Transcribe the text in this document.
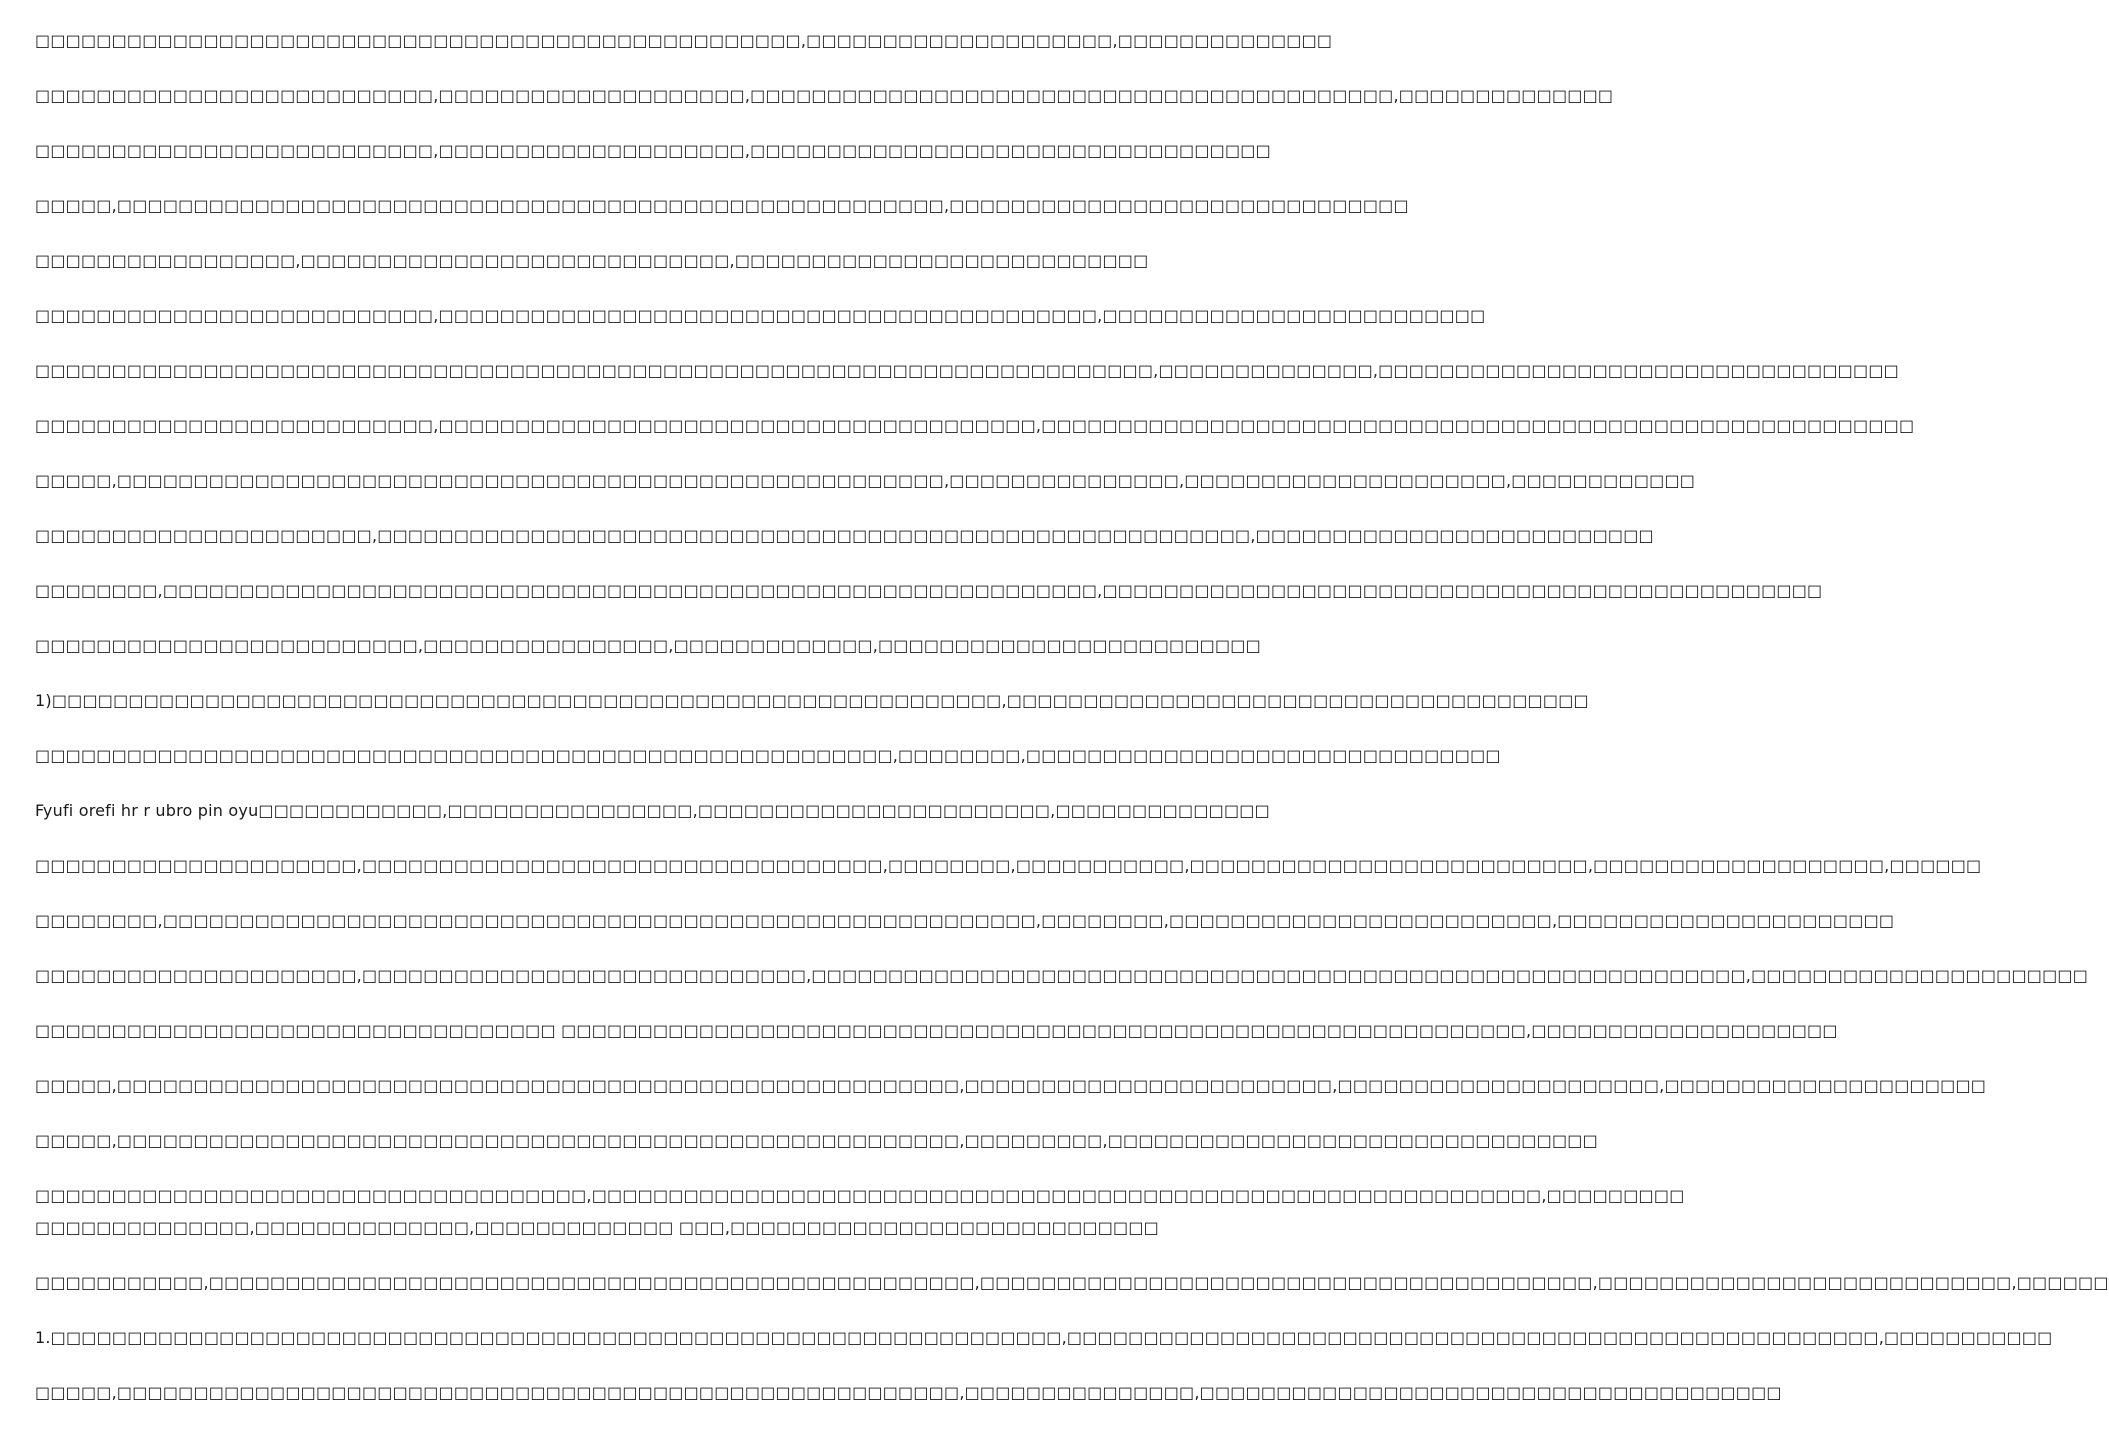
□□□□□□□□□□□□□□□□□□□□□□□□□□□□□□□□□□□□□□□□□□□□□□□□□□,□□□□□□□□□□□□□□□□□□□□,□□□□□□□□□□□□□□
□□□□□□□□□□□□□□□□□□□□□□□□□□,□□□□□□□□□□□□□□□□□□□□,□□□□□□□□□□□□□□□□□□□□□□□□□□□□□□□□□□□□□□□□□□,□□□□□□□□□□□□□□
□□□□□□□□□□□□□□□□□□□□□□□□□□,□□□□□□□□□□□□□□□□□□□□,□□□□□□□□□□□□□□□□□□□□□□□□□□□□□□□□□□
□□□□□,□□□□□□□□□□□□□□□□□□□□□□□□□□□□□□□□□□□□□□□□□□□□□□□□□□□□□□,□□□□□□□□□□□□□□□□□□□□□□□□□□□□□□
□□□□□□□□□□□□□□□□□,□□□□□□□□□□□□□□□□□□□□□□□□□□□□,□□□□□□□□□□□□□□□□□□□□□□□□□□□
□□□□□□□□□□□□□□□□□□□□□□□□□□,□□□□□□□□□□□□□□□□□□□□□□□□□□□□□□□□□□□□□□□□□□□,□□□□□□□□□□□□□□□□□□□□□□□□□
□□□□□□□□□□□□□□□□□□□□□□□□□□□□□□□□□□□□□□□□□□□□□□□□□□□□□□□□□□□□□□□□□□□□□□□□□,□□□□□□□□□□□□□□,□□□□□□□□□□□□□□□□□□□□□□□□□□□□□□□□□□
□□□□□□□□□□□□□□□□□□□□□□□□□□,□□□□□□□□□□□□□□□□□□□□□□□□□□□□□□□□□□□□□□□,□□□□□□□□□□□□□□□□□□□□□□□□□□□□□□□□□□□□□□□□□□□□□□□□□□□□□□□□□
□□□□□,□□□□□□□□□□□□□□□□□□□□□□□□□□□□□□□□□□□□□□□□□□□□□□□□□□□□□□,□□□□□□□□□□□□□□□,□□□□□□□□□□□□□□□□□□□□□,□□□□□□□□□□□□
□□□□□□□□□□□□□□□□□□□□□□,□□□□□□□□□□□□□□□□□□□□□□□□□□□□□□□□□□□□□□□□□□□□□□□□□□□□□□□□□,□□□□□□□□□□□□□□□□□□□□□□□□□□
□□□□□□□□,□□□□□□□□□□□□□□□□□□□□□□□□□□□□□□□□□□□□□□□□□□□□□□□□□□□□□□□□□□□□□,□□□□□□□□□□□□□□□□□□□□□□□□□□□□□□□□□□□□□□□□□□□□□□□
□□□□□□□□□□□□□□□□□□□□□□□□□,□□□□□□□□□□□□□□□□,□□□□□□□□□□□□□,□□□□□□□□□□□□□□□□□□□□□□□□□
1)□□□□□□□□□□□□□□□□□□□□□□□□□□□□□□□□□□□□□□□□□□□□□□□□□□□□□□□□□□□□□□,□□□□□□□□□□□□□□□□□□□□□□□□□□□□□□□□□□□□□□
□□□□□□□□□□□□□□□□□□□□□□□□□□□□□□□□□□□□□□□□□□□□□□□□□□□□□□□□,□□□□□□□□,□□□□□□□□□□□□□□□□□□□□□□□□□□□□□□□
Fyufi orefi hr r ubro pin oyu□□□□□□□□□□□□,□□□□□□□□□□□□□□□□,□□□□□□□□□□□□□□□□□□□□□□□,□□□□□□□□□□□□□□
□□□□□□□□□□□□□□□□□□□□□,□□□□□□□□□□□□□□□□□□□□□□□□□□□□□□□□□□,□□□□□□□□,□□□□□□□□□□□,□□□□□□□□□□□□□□□□□□□□□□□□□□,□□□□□□□□□□□□□□□□□□□,□□□□□□
□□□□□□□□,□□□□□□□□□□□□□□□□□□□□□□□□□□□□□□□□□□□□□□□□□□□□□□□□□□□□□□□□□,□□□□□□□□,□□□□□□□□□□□□□□□□□□□□□□□□□,□□□□□□□□□□□□□□□□□□□□□□
□□□□□□□□□□□□□□□□□□□□□,□□□□□□□□□□□□□□□□□□□□□□□□□□□□□,□□□□□□□□□□□□□□□□□□□□□□□□□□□□□□□□□□□□□□□□□□□□□□□□□□□□□□□□□□□□□,□□□□□□□□□□□□□□□□□□□□□□
□□□□□□□□□□□□□□□□□□□□□□□□□□□□□□□□□□ □□□□□□□□□□□□□□□□□□□□□□□□□□□□□□□□□□□□□□□□□□□□□□□□□□□□□□□□□□□□□□□,□□□□□□□□□□□□□□□□□□□□
□□□□□,□□□□□□□□□□□□□□□□□□□□□□□□□□□□□□□□□□□□□□□□□□□□□□□□□□□□□□□,□□□□□□□□□□□□□□□□□□□□□□□□,□□□□□□□□□□□□□□□□□□□□□,□□□□□□□□□□□□□□□□□□□□□
□□□□□,□□□□□□□□□□□□□□□□□□□□□□□□□□□□□□□□□□□□□□□□□□□□□□□□□□□□□□□,□□□□□□□□□,□□□□□□□□□□□□□□□□□□□□□□□□□□□□□□□□
□□□□□□□□□□□□□□□□□□□□□□□□□□□□□□□□□□□□,□□□□□□□□□□□□□□□□□□□□□□□□□□□□□□□□□□□□□□□□□□□□□□□□□□□□□□□□□□□□□□,□□□□□□□□□
□□□□□□□□□□□□□□,□□□□□□□□□□□□□□,□□□□□□□□□□□□□ □□□,□□□□□□□□□□□□□□□□□□□□□□□□□□□□
□□□□□□□□□□□,□□□□□□□□□□□□□□□□□□□□□□□□□□□□□□□□□□□□□□□□□□□□□□□□□□,□□□□□□□□□□□□□□□□□□□□□□□□□□□□□□□□□□□□□□□□,□□□□□□□□□□□□□□□□□□□□□□□□□□□,□□□□□□
1.□□□□□□□□□□□□□□□□□□□□□□□□□□□□□□□□□□□□□□□□□□□□□□□□□□□□□□□□□□□□□□□□□□,□□□□□□□□□□□□□□□□□□□□□□□□□□□□□□□□□□□□□□□□□□□□□□□□□□□□□,□□□□□□□□□□□
□□□□□,□□□□□□□□□□□□□□□□□□□□□□□□□□□□□□□□□□□□□□□□□□□□□□□□□□□□□□□,□□□□□□□□□□□□□□□,□□□□□□□□□□□□□□□□□□□□□□□□□□□□□□□□□□□□□□
